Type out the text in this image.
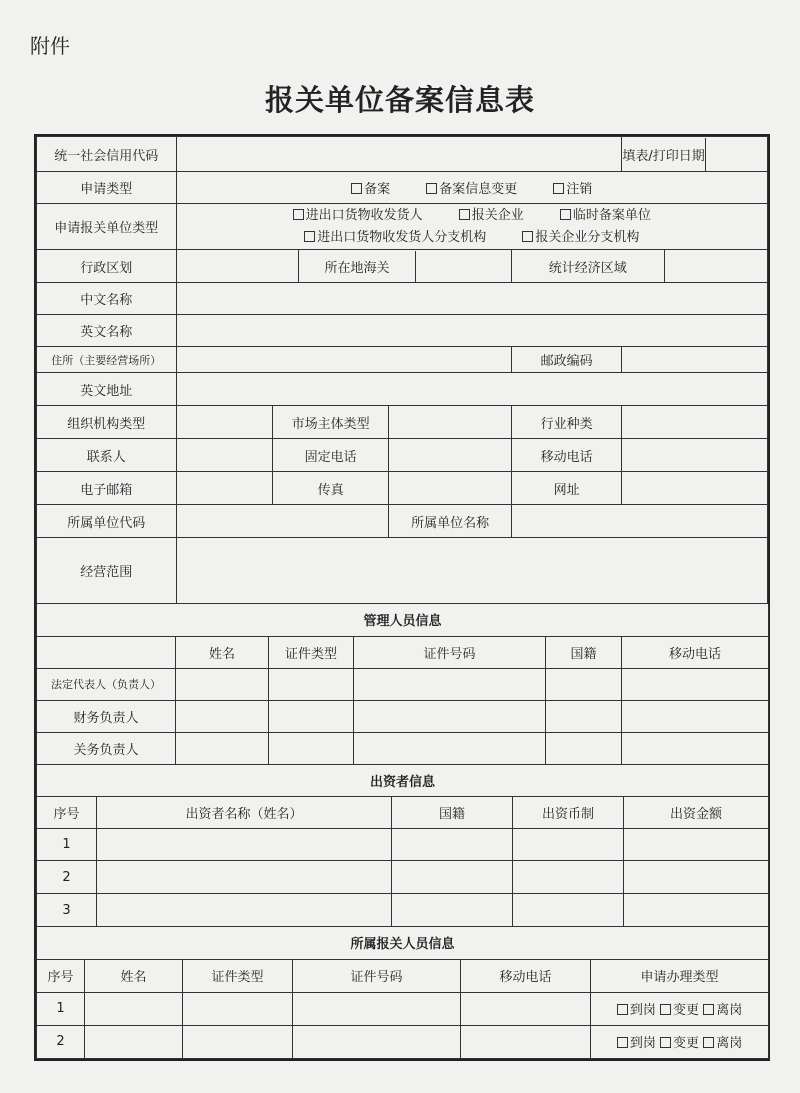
附件
报关单位备案信息表
统一社会信用代码						填表/打印日期	

申请类型	备案 备案信息变更 注销						
申请报关单位类型	进出口货物收发货人 报关企业 临时备案单位
进出口货物收发货人分支机构 报关企业分支机构						

行政区划			所在地海关		统计经济区域		
中文名称							
英文名称							
住所（主要经营场所）					邮政编码		
英文地址							
组织机构类型		市场主体类型			行业种类		
联系人		固定电话			移动电话		
电子邮箱		传真			网址		
所属单位代码				所属单位名称			
经营范围							
管理人员信息					
	姓名	证件类型	证件号码	国籍	移动电话
法定代表人（负责人）					
财务负责人					
关务负责人					
出资者信息				
序号	出资者名称（姓名）	国籍	出资币制	出资金额
1				
2				
3				
所属报关人员信息					
序号	姓名	证件类型	证件号码	移动电话	申请办理类型
1					到岗 变更 离岗
2					到岗 变更 离岗
